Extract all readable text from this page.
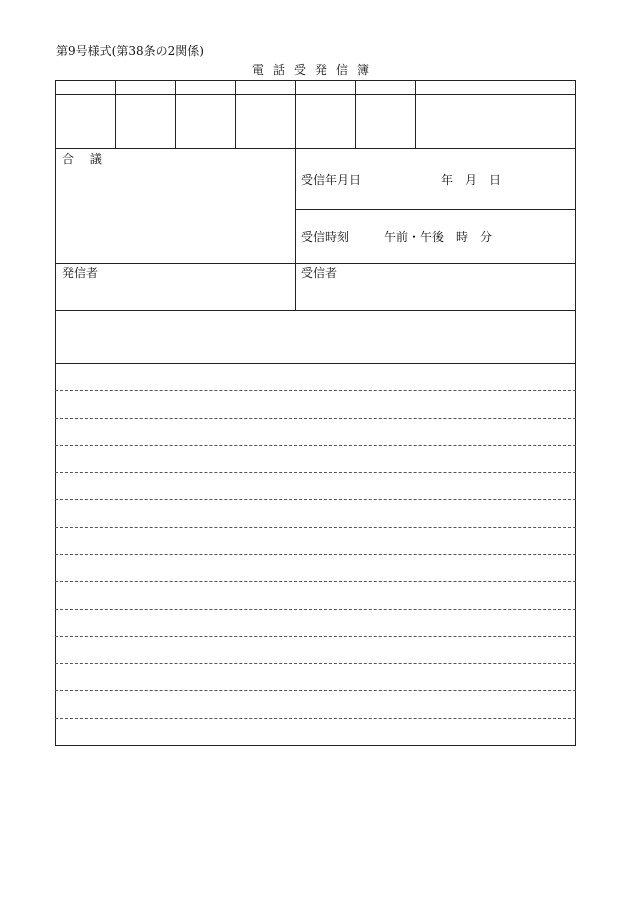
第9号様式(第38条の2関係)
電話受発信簿
合 議
受信年月日	年　月　日
受信時刻	午前・午後　時　分
発信者	受信者
